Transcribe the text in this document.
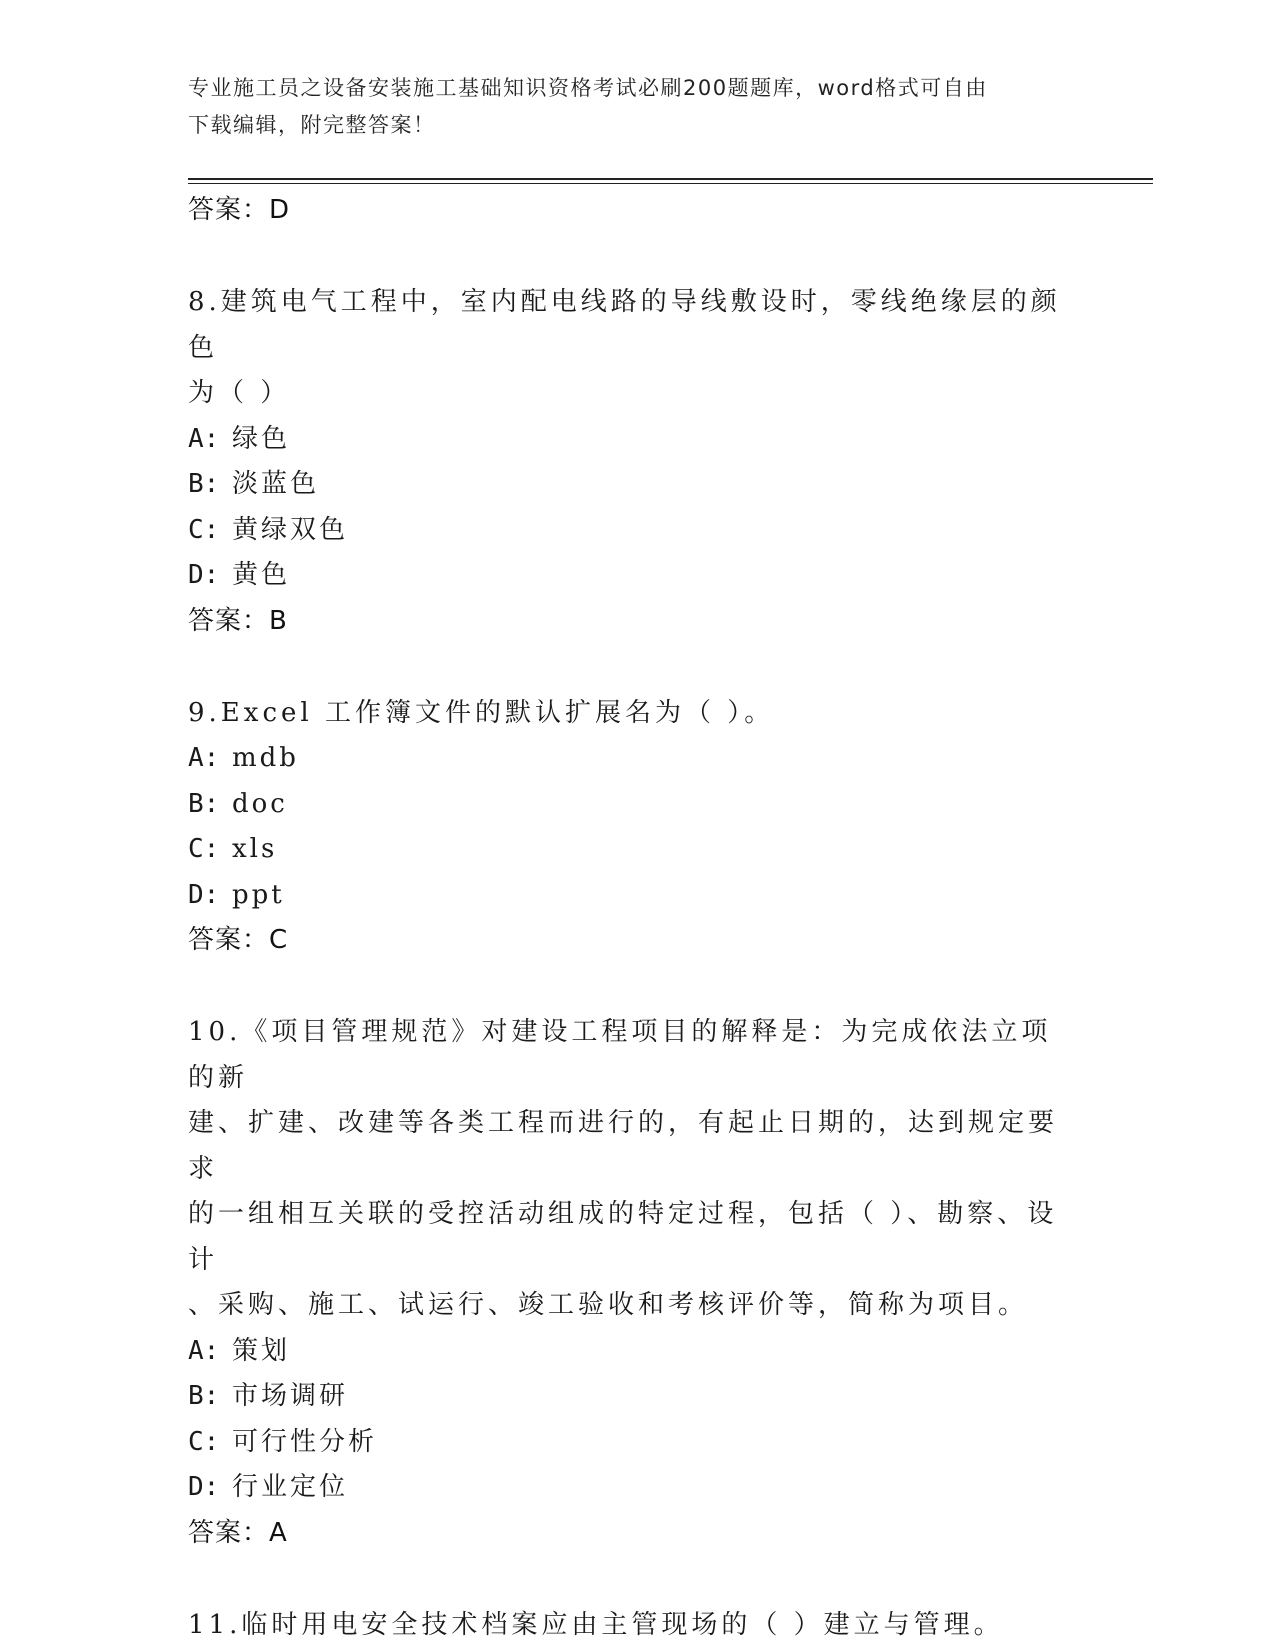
专业施工员之设备安装施工基础知识资格考试必刷200题题库，word格式可自由
下载编辑，附完整答案！
答案：D
8.建筑电气工程中，室内配电线路的导线敷设时，零线绝缘层的颜色
为（ ）
A: 绿色
B: 淡蓝色
C: 黄绿双色
D: 黄色
答案：B
9.Excel 工作簿文件的默认扩展名为（ ）。
A: mdb
B: doc
C: xls
D: ppt
答案：C
10.《项目管理规范》对建设工程项目的解释是：为完成依法立项的新
建、扩建、改建等各类工程而进行的，有起止日期的，达到规定要求
的一组相互关联的受控活动组成的特定过程，包括（ ）、勘察、设计
、采购、施工、试运行、竣工验收和考核评价等，简称为项目。
A: 策划
B: 市场调研
C: 可行性分析
D: 行业定位
答案：A
11.临时用电安全技术档案应由主管现场的（ ）建立与管理。
